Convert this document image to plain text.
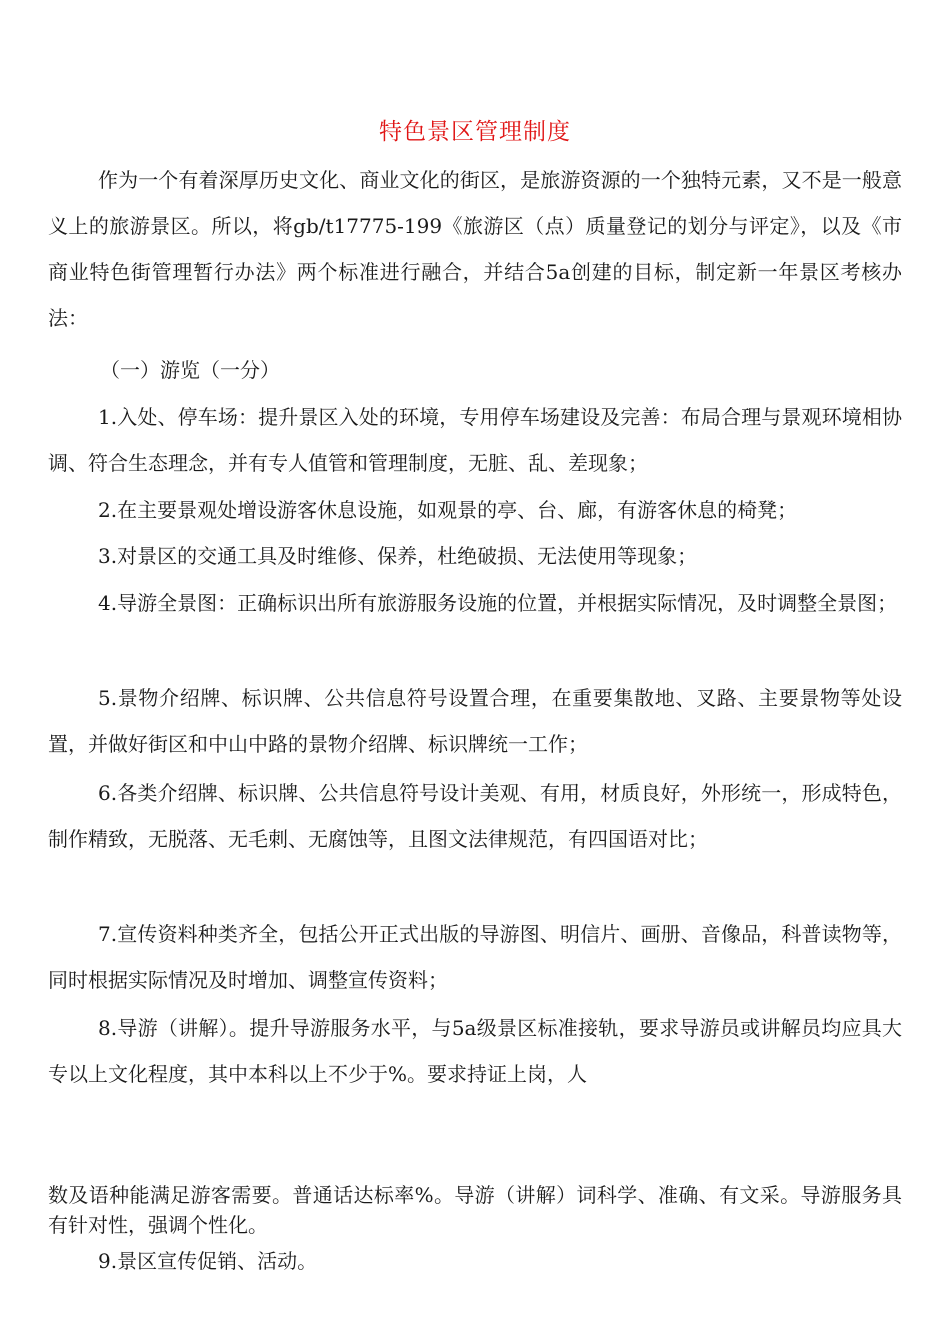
特色景区管理制度

作为一个有着深厚历史文化、商业文化的街区，是旅游资源的一个独特元素，又不是一般意义上的旅游景区。所以，将gb/t17775-199《旅游区（点）质量登记的划分与评定》，以及《市商业特色街管理暂行办法》两个标准进行融合，并结合5a创建的目标，制定新一年景区考核办法：

（一）游览（一分）

1.入处、停车场：提升景区入处的环境，专用停车场建设及完善：布局合理与景观环境相协调、符合生态理念，并有专人值管和管理制度，无脏、乱、差现象；

2.在主要景观处增设游客休息设施，如观景的亭、台、廊，有游客休息的椅凳；

3.对景区的交通工具及时维修、保养，杜绝破损、无法使用等现象；

4.导游全景图：正确标识出所有旅游服务设施的位置，并根据实际情况，及时调整全景图；

5.景物介绍牌、标识牌、公共信息符号设置合理，在重要集散地、叉路、主要景物等处设置，并做好街区和中山中路的景物介绍牌、标识牌统一工作；

6.各类介绍牌、标识牌、公共信息符号设计美观、有用，材质良好，外形统一，形成特色，制作精致，无脱落、无毛刺、无腐蚀等，且图文法律规范，有四国语对比；

7.宣传资料种类齐全，包括公开正式出版的导游图、明信片、画册、音像品，科普读物等，同时根据实际情况及时增加、调整宣传资料；

8.导游（讲解）。提升导游服务水平，与5a级景区标准接轨，要求导游员或讲解员均应具大专以上文化程度，其中本科以上不少于%。要求持证上岗，人

数及语种能满足游客需要。普通话达标率%。导游（讲解）词科学、准确、有文采。导游服务具有针对性，强调个性化。

9.景区宣传促销、活动。
